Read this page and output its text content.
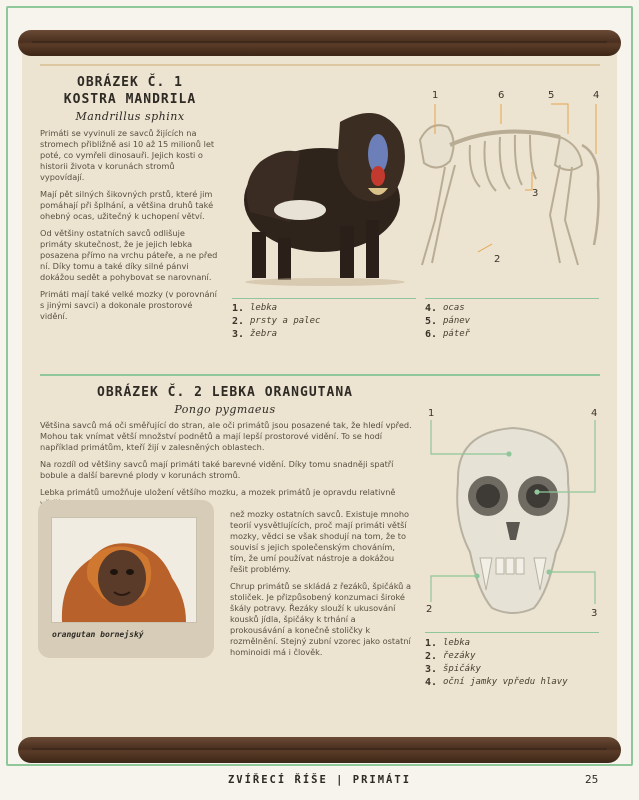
OBRÁZEK Č. 1
KOSTRA MANDRILA
Mandrillus sphinx

Primáti se vyvinuli ze savců žijících na stromech přibližně asi 10 až 15 milionů let poté, co vymřeli dinosauři. Jejich kosti o historii života v korunách stromů vypovídají.

Mají pět silných šikovných prstů, které jim pomáhají při šplhání, a většina druhů také ohebný ocas, užitečný k uchopení větví.

Od většiny ostatních savců odlišuje primáty skutečnost, že je jejich lebka posazena přímo na vrchu páteře, a ne před ní. Díky tomu a také díky silné pánvi dokážou sedět a pohybovat se narovnaní.

Primáti mají také velké mozky (v porovnání s jinými savci) a dokonale prostorové vidění.

1	6	5	4
3
2
1. lebka
2. prsty a palec
3. žebra
4. ocas
5. pánev
6. páteř
OBRÁZEK Č. 2 LEBKA ORANGUTANA
Pongo pygmaeus

Většina savců má oči směřující do stran, ale oči primátů jsou posazené tak, že hledí vpřed. Mohou tak vnímat větší množství podnětů a mají lepší prostorové vidění. To se hodí například primátům, kteří žijí v zalesněných oblastech.

Na rozdíl od většiny savců mají primáti také barevné vidění. Díky tomu snadněji spatří bobule a další barevné plody v korunách stromů.

Lebka primátů umožňuje uložení většího mozku, a mozek primátů je opravdu relativně

než mozky ostatních savců. Existuje mnoho teorií vysvětlujících, proč mají primáti větší mozky, vědci se však shodují na tom, že to souvisí s jejich společenským chováním, tím, že umí používat nástroje a dokážou řešit problémy.

Chrup primátů se skládá z řezáků, špičáků a stoliček. Je přizpůsobený konzumaci široké škály potravy. Řezáky slouží k ukusování kousků jídla, špičáky k trhání a prokousávání a konečně stoličky k rozmělnění. Stejný zubní vzorec jako ostatní hominoidi má i člověk.

orangutan bornejský
1	4
2	3
1. lebka
2. řezáky
3. špičáky
4. oční jamky vpředu hlavy
ZVÍŘECÍ ŘÍŠE | PRIMÁTI	25
